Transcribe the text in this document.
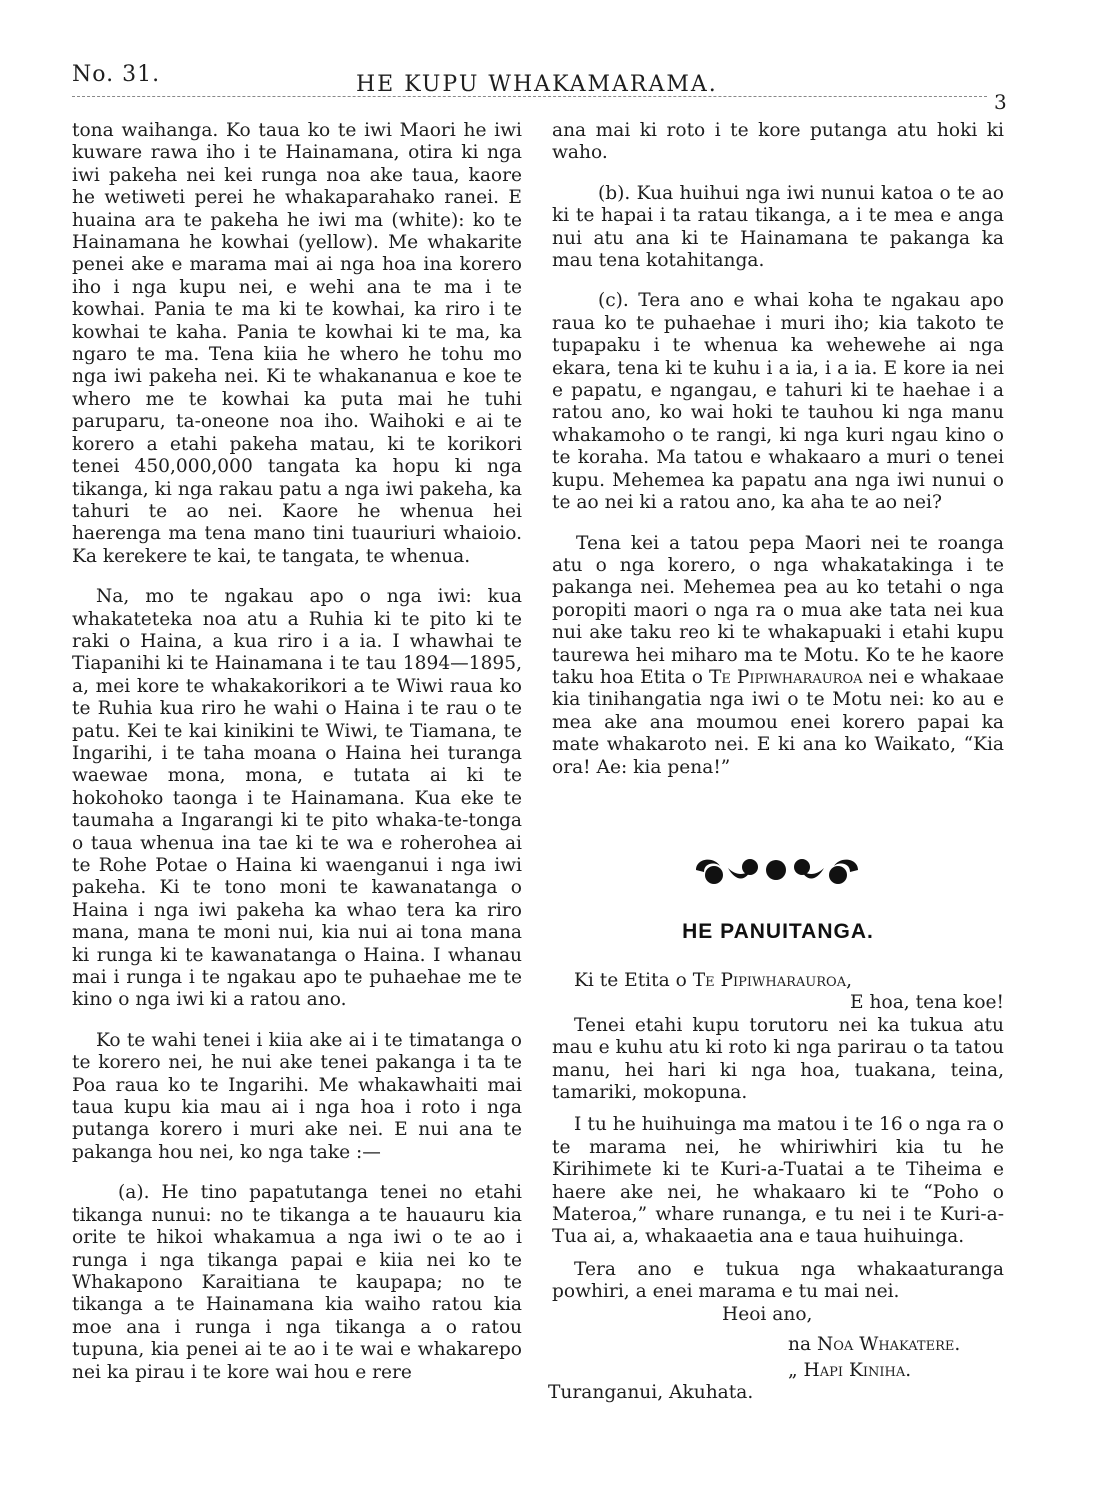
No. 31.	HE KUPU WHAKAMARAMA.
3

tona waihanga. Ko taua ko te iwi Maori he iwi kuware rawa iho i te Hainamana, otira ki nga iwi pakeha nei kei runga noa ake taua, kaore he wetiweti perei he whakaparahako ranei. E huaina ara te pakeha he iwi ma (white): ko te Hainamana he kowhai (yellow). Me whakarite penei ake e marama mai ai nga hoa ina korero iho i nga kupu nei, e wehi ana te ma i te kowhai. Pania te ma ki te kowhai, ka riro i te kowhai te kaha. Pania te kowhai ki te ma, ka ngaro te ma. Tena kiia he whero he tohu mo nga iwi pakeha nei. Ki te whakananua e koe te whero me te kowhai ka puta mai he tuhi paruparu, ta-oneone noa iho. Waihoki e ai te korero a etahi pakeha matau, ki te korikori tenei 450,000,000 tangata ka hopu ki nga tikanga, ki nga rakau patu a nga iwi pakeha, ka tahuri te ao nei. Kaore he whenua hei haerenga ma tena mano tini tuauriuri whaioio. Ka kerekere te kai, te tangata, te whenua.

Na, mo te ngakau apo o nga iwi: kua whakateteka noa atu a Ruhia ki te pito ki te raki o Haina, a kua riro i a ia. I whawhai te Tiapanihi ki te Hainamana i te tau 1894—1895, a, mei kore te whakakorikori a te Wiwi raua ko te Ruhia kua riro he wahi o Haina i te rau o te patu. Kei te kai kinikini te Wiwi, te Tiamana, te Ingarihi, i te taha moana o Haina hei turanga waewae mona, mona, e tutata ai ki te hokohoko taonga i te Hainamana. Kua eke te taumaha a Ingarangi ki te pito whaka-te-tonga o taua whenua ina tae ki te wa e roherohea ai te Rohe Potae o Haina ki waenganui i nga iwi pakeha. Ki te tono moni te kawanatanga o Haina i nga iwi pakeha ka whao tera ka riro mana, mana te moni nui, kia nui ai tona mana ki runga ki te kawanatanga o Haina. I whanau mai i runga i te ngakau apo te puhaehae me te kino o nga iwi ki a ratou ano.

Ko te wahi tenei i kiia ake ai i te timatanga o te korero nei, he nui ake tenei pakanga i ta te Poa raua ko te Ingarihi. Me whakawhaiti mai taua kupu kia mau ai i nga hoa i roto i nga putanga korero i muri ake nei. E nui ana te pakanga hou nei, ko nga take :—

(a). He tino papatutanga tenei no etahi tikanga nunui: no te tikanga a te hauauru kia orite te hikoi whakamua a nga iwi o te ao i runga i nga tikanga papai e kiia nei ko te Whakapono Karaitiana te kaupapa; no te tikanga a te Hainamana kia waiho ratou kia moe ana i runga i nga tikanga a o ratou tupuna, kia penei ai te ao i te wai e whakarepo nei ka pirau i te kore wai hou e rere

ana mai ki roto i te kore putanga atu hoki ki waho.

(b). Kua huihui nga iwi nunui katoa o te ao ki te hapai i ta ratau tikanga, a i te mea e anga nui atu ana ki te Hainamana te pakanga ka mau tena kotahitanga.

(c). Tera ano e whai koha te ngakau apo raua ko te puhaehae i muri iho; kia takoto te tupapaku i te whenua ka wehewehe ai nga ekara, tena ki te kuhu i a ia, i a ia. E kore ia nei e papatu, e ngangau, e tahuri ki te haehae i a ratou ano, ko wai hoki te tauhou ki nga manu whakamoho o te rangi, ki nga kuri ngau kino o te koraha. Ma tatou e whakaaro a muri o tenei kupu. Mehemea ka papatu ana nga iwi nunui o te ao nei ki a ratou ano, ka aha te ao nei?

Tena kei a tatou pepa Maori nei te roanga atu o nga korero, o nga whakatakinga i te pakanga nei. Mehemea pea au ko tetahi o nga poropiti maori o nga ra o mua ake tata nei kua nui ake taku reo ki te whakapuaki i etahi kupu taurewa hei miharo ma te Motu. Ko te he kaore taku hoa Etita o Te Pipiwharauroa nei e whakaae kia tinihangatia nga iwi o te Motu nei: ko au e mea ake ana moumou enei korero papai ka mate whakaroto nei. E ki ana ko Waikato, “Kia ora! Ae: kia pena!”

HE PANUITANGA.

Ki te Etita o Te Pipiwharauroa,

E hoa, tena koe!

Tenei etahi kupu torutoru nei ka tukua atu mau e kuhu atu ki roto ki nga parirau o ta tatou manu, hei hari ki nga hoa, tuakana, teina, tamariki, mokopuna.

I tu he huihuinga ma matou i te 16 o nga ra o te marama nei, he whiriwhiri kia tu he Kirihimete ki te Kuri-a-Tuatai a te Tiheima e haere ake nei, he whakaaro ki te “Poho o Materoa,” whare runanga, e tu nei i te Kuri-a-Tua ai, a, whakaaetia ana e taua huihuinga.

Tera ano e tukua nga whakaaturanga powhiri, a enei marama e tu mai nei.

Heoi ano,
na Noa Whakatere.
„ Hapi Kiniha.
Turanganui, Akuhata.
